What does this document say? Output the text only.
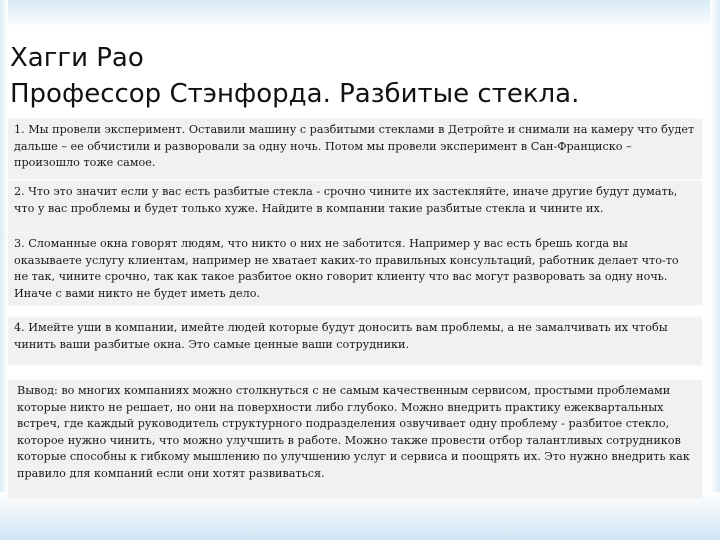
Хагги Рао
Профессор Стэнфорда. Разбитые стекла.

1. Мы провели эксперимент. Оставили машину с разбитыми стеклами в Детройте и снимали на камеру что будет дальше – ее обчистили и разворовали за одну ночь. Потом мы провели эксперимент в Сан-Франциско – произошло тоже самое.

2. Что это значит если у вас есть разбитые стекла - срочно чините их застекляйте, иначе другие будут думать, что у вас проблемы и будет только хуже. Найдите в компании такие разбитые стекла и чините их.

3. Сломанные окна говорят людям, что никто о них не заботится. Например у вас есть брешь когда вы оказываете услугу клиентам, например не хватает каких-то правильных консультаций, работник делает что-то не так, чините срочно, так как такое разбитое окно говорит клиенту что вас могут разворовать за одну ночь. Иначе с вами никто не будет иметь дело.

4. Имейте уши в компании, имейте людей которые будут доносить вам проблемы, а не замалчивать их чтобы чинить ваши разбитые окна. Это самые ценные ваши сотрудники.

Вывод: во многих компаниях можно столкнуться с не самым качественным сервисом, простыми проблемами которые никто не решает, но они на поверхности либо глубоко. Можно внедрить практику ежеквартальных встреч, где каждый руководитель структурного подразделения озвучивает одну проблему - разбитое стекло, которое нужно чинить, что можно улучшить в работе. Можно также провести отбор талантливых сотрудников которые способны к гибкому мышлению по улучшению услуг и сервиса и поощрять их. Это нужно внедрить как правило для компаний если они хотят развиваться.
